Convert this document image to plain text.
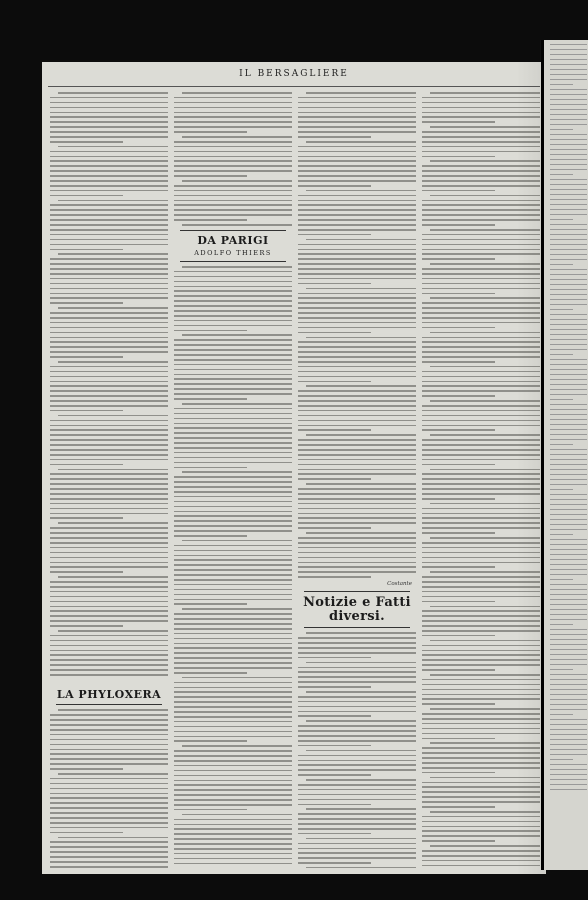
IL BERSAGLIERE
LA PHYLOXERA
DA PARIGI
ADOLFO THIERS
Costante
Notizie e Fatti diversi.
